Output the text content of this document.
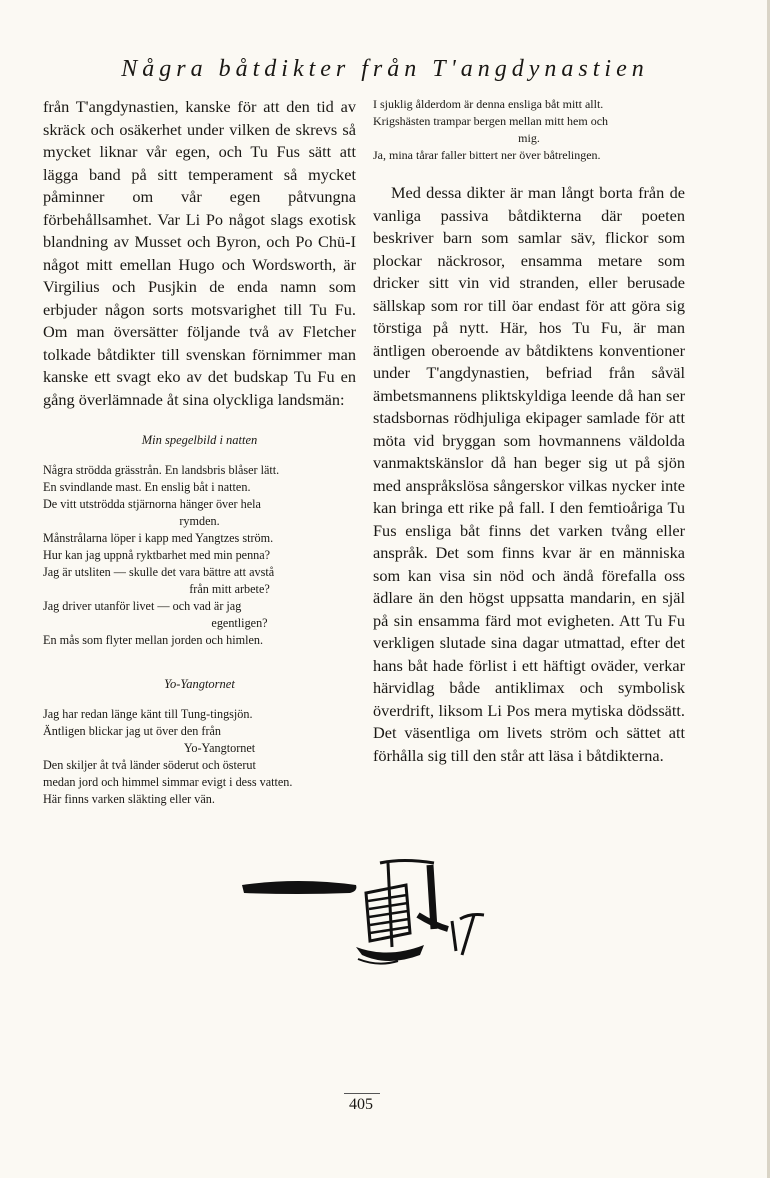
Några båtdikter från T'angdynastien

från T'angdynastien, kanske för att den tid av skräck och osäkerhet under vilken de skrevs så mycket liknar vår egen, och Tu Fus sätt att lägga band på sitt temperament så mycket påminner om vår egen påtvungna förbehållsamhet. Var Li Po något slags exotisk blandning av Musset och Byron, och Po Chü-I något mitt emellan Hugo och Wordsworth, är Virgilius och Pusjkin de enda namn som erbjuder någon sorts motsvarighet till Tu Fu. Om man översätter följande två av Fletcher tolkade båtdikter till svenskan förnimmer man kanske ett svagt eko av det budskap Tu Fu en gång överlämnade åt sina olyckliga landsmän:

Min spegelbild i natten
Några strödda grässtrån. En landsbris blåser lätt.
En svindlande mast. En enslig båt i natten.
De vitt utströdda stjärnorna hänger över hela
rymden.
Månstrålarna löper i kapp med Yangtzes ström.
Hur kan jag uppnå ryktbarhet med min penna?
Jag är utsliten — skulle det vara bättre att avstå
från mitt arbete?
Jag driver utanför livet — och vad är jag
egentligen?
En mås som flyter mellan jorden och himlen.
Yo-Yangtornet
Jag har redan länge känt till Tung-tingsjön.
Äntligen blickar jag ut över den från
Yo-Yangtornet
Den skiljer åt två länder söderut och österut
medan jord och himmel simmar evigt i dess vatten.
Här finns varken släkting eller vän.
I sjuklig ålderdom är denna ensliga båt mitt allt.
Krigshästen trampar bergen mellan mitt hem och
mig.
Ja, mina tårar faller bittert ner över båtrelingen.

Med dessa dikter är man långt borta från de vanliga passiva båtdikterna där poeten beskriver barn som samlar säv, flickor som plockar näckrosor, ensamma metare som dricker sitt vin vid stranden, eller berusade sällskap som ror till öar endast för att göra sig törstiga på nytt. Här, hos Tu Fu, är man äntligen oberoende av båtdiktens konventioner under T'angdynastien, befriad från såväl ämbetsmannens pliktskyldiga leende då han ser stadsbornas rödhjuliga ekipager samlade för att möta vid bryggan som hovmannens väldolda vanmaktskänslor då han beger sig ut på sjön med anspråkslösa sångerskor vilkas nycker inte kan bringa ett rike på fall. I den femtioåriga Tu Fus ensliga båt finns det varken tvång eller anspråk. Det som finns kvar är en människa som kan visa sin nöd och ändå förefalla oss ädlare än den högst uppsatta mandarin, en själ på sin ensamma färd mot evigheten. Att Tu Fu verkligen slutade sina dagar utmattad, efter det hans båt hade förlist i ett häftigt oväder, verkar härvidlag både antiklimax och symbolisk överdrift, liksom Li Pos mera mytiska dödssätt. Det väsentliga om livets ström och sättet att förhålla sig till den står att läsa i båtdikterna.

405
